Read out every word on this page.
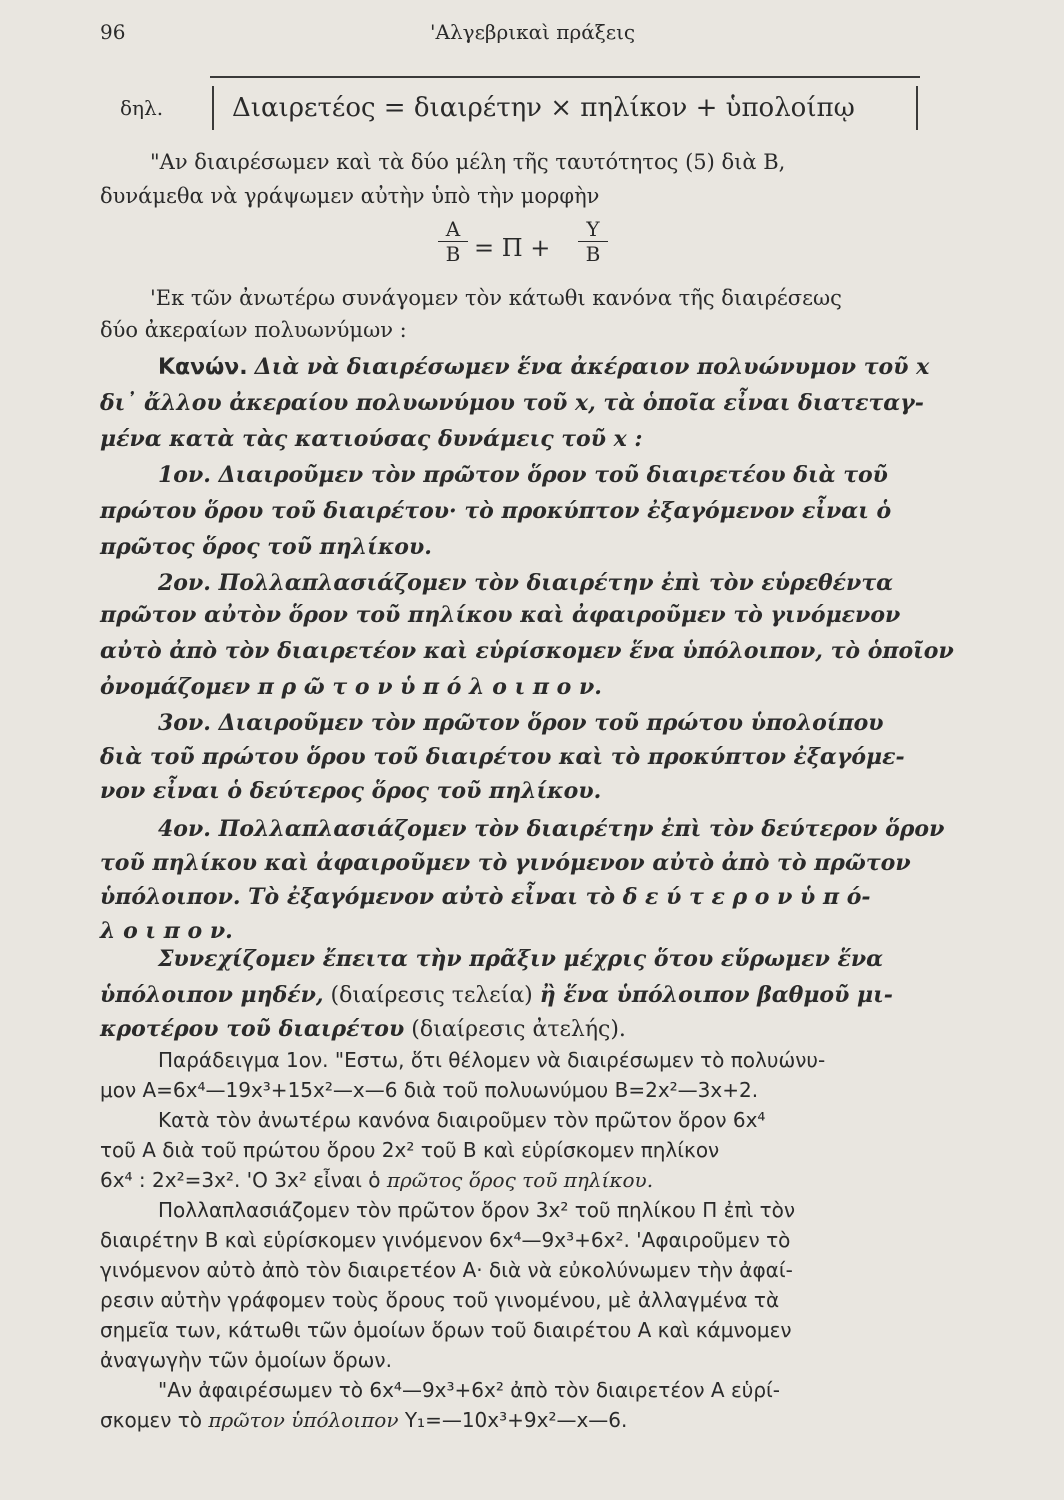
96	'Αλγεβρικαὶ πράξεις
δηλ.	Διαιρετέος = διαιρέτην × πηλίκον + ὑπολοίπῳ
"Αν διαιρέσωμεν καὶ τὰ δύο μέλη τῆς ταυτότητος (5) διὰ Β,
δυνάμεθα νὰ γράψωμεν αὐτὴν ὑπὸ τὴν μορφὴν
A
B = Π +
Y
B
'Εκ τῶν ἀνωτέρω συνάγομεν τὸν κάτωθι κανόνα τῆς διαιρέσεως
δύο ἀκεραίων πολυωνύμων :
Κανών. Διὰ νὰ διαιρέσωμεν ἕνα ἀκέραιον πολυώνυμον τοῦ x
δι᾿ ἄλλου ἀκεραίου πολυωνύμου τοῦ x, τὰ ὁποῖα εἶναι διατεταγ-
μένα κατὰ τὰς κατιούσας δυνάμεις τοῦ x :
1ον. Διαιροῦμεν τὸν πρῶτον ὅρον τοῦ διαιρετέου διὰ τοῦ
πρώτου ὅρου τοῦ διαιρέτου· τὸ προκύπτον ἐξαγόμενον εἶναι ὁ
πρῶτος ὅρος τοῦ πηλίκου.
2ον. Πολλαπλασιάζομεν τὸν διαιρέτην ἐπὶ τὸν εὑρεθέντα
πρῶτον αὐτὸν ὅρον τοῦ πηλίκου καὶ ἀφαιροῦμεν τὸ γινόμενον
αὐτὸ ἀπὸ τὸν διαιρετέον καὶ εὑρίσκομεν ἕνα ὑπόλοιπον, τὸ ὁποῖον
ὀνομάζομεν π ρ ῶ τ ο ν ὑ π ό λ ο ι π ο ν.
3ον. Διαιροῦμεν τὸν πρῶτον ὅρον τοῦ πρώτου ὑπολοίπου
διὰ τοῦ πρώτου ὅρου τοῦ διαιρέτου καὶ τὸ προκύπτον ἐξαγόμε-
νον εἶναι ὁ δεύτερος ὅρος τοῦ πηλίκου.
4ον. Πολλαπλασιάζομεν τὸν διαιρέτην ἐπὶ τὸν δεύτερον ὅρον
τοῦ πηλίκου καὶ ἀφαιροῦμεν τὸ γινόμενον αὐτὸ ἀπὸ τὸ πρῶτον
ὑπόλοιπον. Τὸ ἐξαγόμενον αὐτὸ εἶναι τὸ δ ε ύ τ ε ρ ο ν ὑ π ό-
λ ο ι π ο ν.
Συνεχίζομεν ἔπειτα τὴν πρᾶξιν μέχρις ὅτου εὕρωμεν ἕνα
ὑπόλοιπον μηδέν, (διαίρεσις τελεία) ἢ ἕνα ὑπόλοιπον βαθμοῦ μι-
κροτέρου τοῦ διαιρέτου (διαίρεσις ἀτελής).
Παράδειγμα 1ον. "Εστω, ὅτι θέλομεν νὰ διαιρέσωμεν τὸ πολυώνυ-
μον Α=6x⁴—19x³+15x²—x—6 διὰ τοῦ πολυωνύμου Β=2x²—3x+2.
Κατὰ τὸν ἀνωτέρω κανόνα διαιροῦμεν τὸν πρῶτον ὅρον 6x⁴
τοῦ Α διὰ τοῦ πρώτου ὅρου 2x² τοῦ Β καὶ εὑρίσκομεν πηλίκον
6x⁴ : 2x²=3x². 'Ο 3x² εἶναι ὁ πρῶτος ὅρος τοῦ πηλίκου.
Πολλαπλασιάζομεν τὸν πρῶτον ὅρον 3x² τοῦ πηλίκου Π ἐπὶ τὸν
διαιρέτην Β καὶ εὑρίσκομεν γινόμενον 6x⁴—9x³+6x². 'Αφαιροῦμεν τὸ
γινόμενον αὐτὸ ἀπὸ τὸν διαιρετέον Α· διὰ νὰ εὐκολύνωμεν τὴν ἀφαί-
ρεσιν αὐτὴν γράφομεν τοὺς ὅρους τοῦ γινομένου, μὲ ἀλλαγμένα τὰ
σημεῖα των, κάτωθι τῶν ὁμοίων ὅρων τοῦ διαιρέτου Α καὶ κάμνομεν
ἀναγωγὴν τῶν ὁμοίων ὅρων.
"Αν ἀφαιρέσωμεν τὸ 6x⁴—9x³+6x² ἀπὸ τὸν διαιρετέον Α εὑρί-
σκομεν τὸ πρῶτον ὑπόλοιπον Y₁=—10x³+9x²—x—6.
